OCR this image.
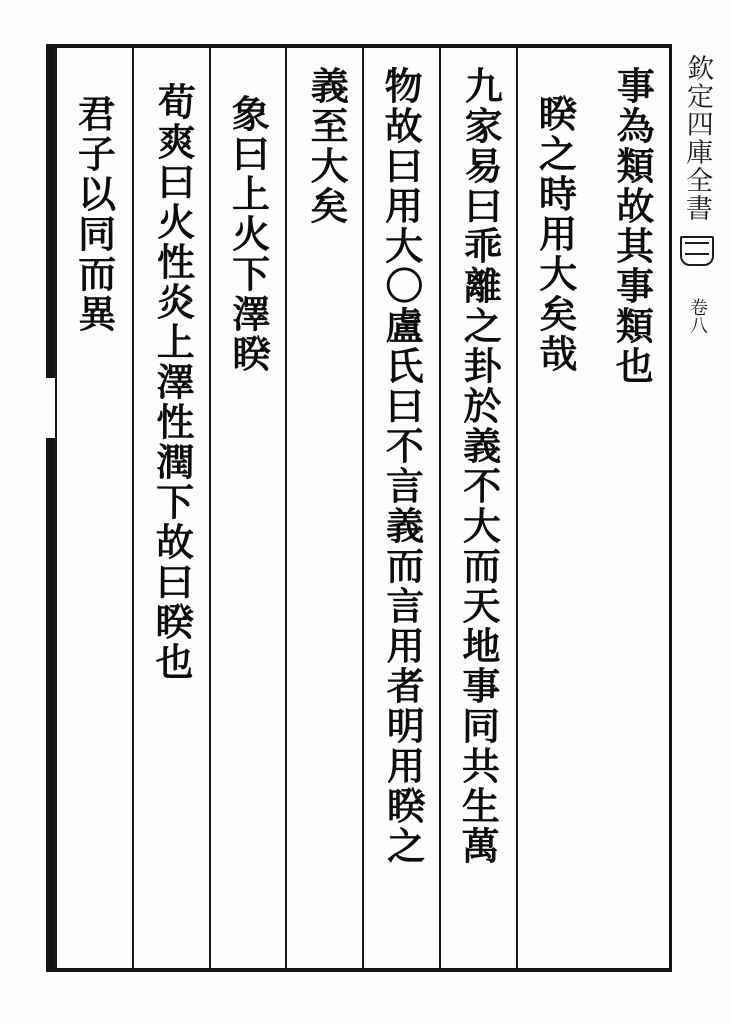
欽定四庫全書
卷八
事為類故其事類也
睽之時用大矣哉
九家易曰乖離之卦於義不大而天地事同共生萬
物故曰用大〇盧氏曰不言義而言用者明用睽之
義至大矣
象曰上火下澤睽
荀爽曰火性炎上澤性潤下故曰睽也
君子以同而異
